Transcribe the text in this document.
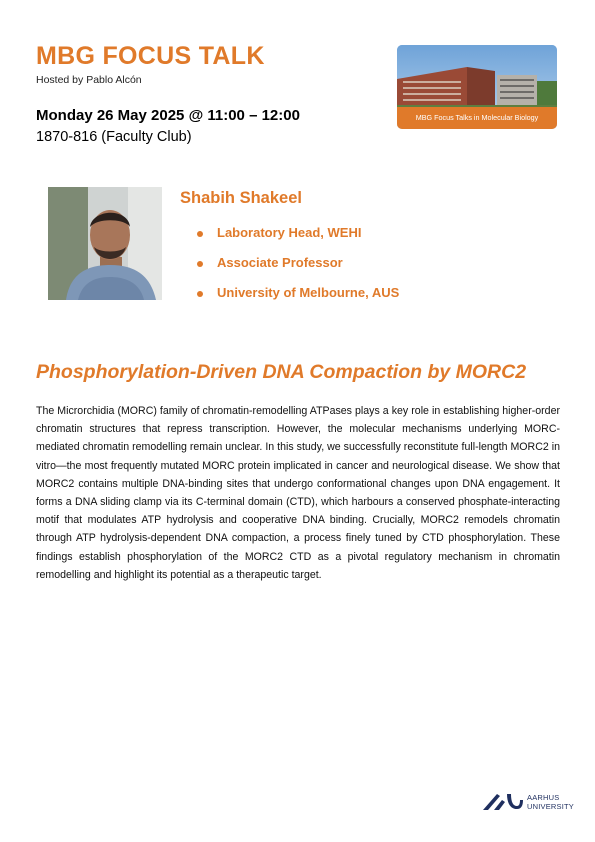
MBG FOCUS TALK
Hosted by Pablo Alcón
Monday 26 May 2025 @ 11:00 – 12:00
1870-816 (Faculty Club)
MBG Focus Talks in Molecular Biology
Shabih Shakeel
Laboratory Head, WEHI
Associate Professor
University of Melbourne, AUS
Phosphorylation-Driven DNA Compaction by MORC2
The Microrchidia (MORC) family of chromatin-remodelling ATPases plays a key role in establishing higher-order chromatin structures that repress transcription. However, the molecular mechanisms underlying MORC-mediated chromatin remodelling remain unclear. In this study, we successfully reconstitute full-length MORC2 in vitro—the most frequently mutated MORC protein implicated in cancer and neurological disease. We show that MORC2 contains multiple DNA-binding sites that undergo conformational changes upon DNA engagement. It forms a DNA sliding clamp via its C-terminal domain (CTD), which harbours a conserved phosphate-interacting motif that modulates ATP hydrolysis and cooperative DNA binding. Crucially, MORC2 remodels chromatin through ATP hydrolysis-dependent DNA compaction, a process finely tuned by CTD phosphorylation. These findings establish phosphorylation of the MORC2 CTD as a pivotal regulatory mechanism in chromatin remodelling and highlight its potential as a therapeutic target.
AARHUS
UNIVERSITY
